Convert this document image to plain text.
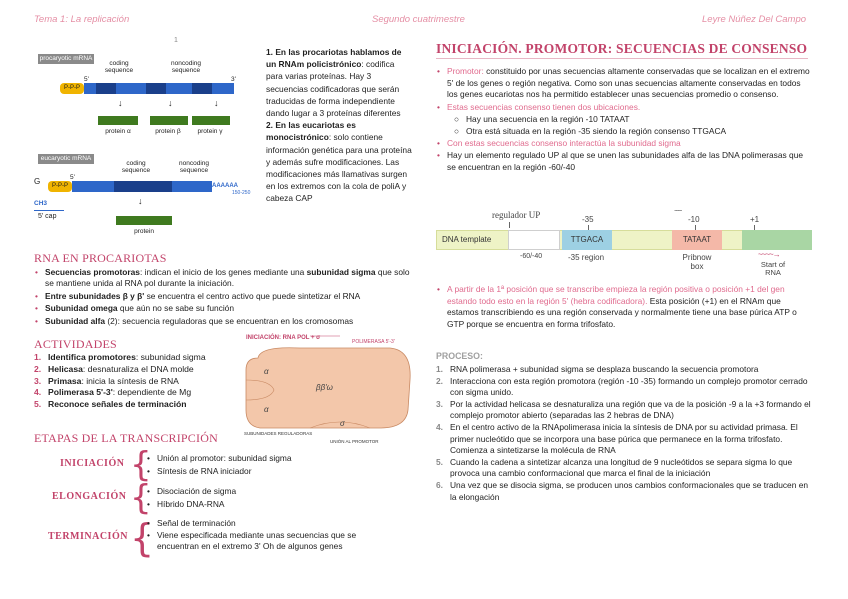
Tema 1: La replicación	Segundo cuatrimestre	Leyre Núñez Del Campo
procaryotic mRNA
1
coding sequence
noncoding sequence
5'	3'
P-P-P
↓	↓	↓
protein α	protein β	protein γ
eucaryotic mRNA
coding sequence
noncoding sequence
G	P-P-P
5'
AAAAAA
150-250
CH3
5' cap
↓
protein
1. En las procariotas hablamos de un RNAm policistrónico: codifica para varias proteínas. Hay 3 secuencias codificadoras que serán traducidas de forma independiente dando lugar a 3 proteínas diferentes
2. En las eucariotas es monocistrónico: solo contiene información genética para una proteína y además sufre modificaciones. Las modificaciones más llamativas surgen en los extremos con la cola de poliA y cabeza CAP
RNA EN PROCARIOTAS
• Secuencias promotoras: indican el inicio de los genes mediante una subunidad sigma que solo se mantiene unida al RNA pol durante la iniciación.
• Entre subunidades β y β' se encuentra el centro activo que puede sintetizar el RNA
• Subunidad omega que aún no se sabe su función
• Subunidad alfa (2): secuencia reguladoras que se encuentran en los cromosomas
ACTIVIDADES
1. Identifica promotores: subunidad sigma
2. Helicasa: desnaturaliza el DNA molde
3. Primasa: inicia la síntesis de RNA
4. Polimerasa 5'-3': dependiente de Mg
5. Reconoce señales de terminación
INICIACIÓN: RNA POL + σ
POLIMERASA 5'-3'
α
α
ββ'ω
σ
SUBUNIDADES REGULADORAS
UNIÓN AL PROMOTOR
ETAPAS DE LA TRANSCRIPCIÓN
INICIACIÓN { • Unión al promotor: subunidad sigma
• Síntesis de RNA iniciador
ELONGACIÓN { • Disociación de sigma
• Híbrido DNA-RNA
TERMINACIÓN { • Señal de terminación
• Viene especificada mediante unas secuencias que se encuentran en el extremo 3' Oh de algunos genes
INICIACIÓN. PROMOTOR: SECUENCIAS DE CONSENSO
• Promotor: constituido por unas secuencias altamente conservadas que se localizan en el extremo 5' de los genes o región negativa. Como son unas secuencias altamente conservadas en todos los genes eucariotas nos ha permitido establecer unas secuencias promedio o consenso.
• Estas secuencias consenso tienen dos ubicaciones.
○ Hay una secuencia en la región -10 TATAAT
○ Otra está situada en la región -35 siendo la región consenso TTGACA
• Con estas secuencias consenso interactúa la subunidad sigma
• Hay un elemento regulado UP al que se unen las subunidades alfa de las DNA polimerasas que se encuentran en la región -60/-40
regulador UP
........
-35	-10	+1
DNA template	TTGACA	TATAAT
-60/-40	-35 region	Pribnow box
~~~~→
Start of RNA
• A partir de la 1ª posición que se transcribe empieza la región positiva o posición +1 del gen estando todo esto en la región 5' (hebra codificadora). Esta posición (+1) en el RNAm que estamos transcribiendo es una región conservada y normalmente tiene una base púrica ATP o GTP porque se encuentra en forma trifosfato.
PROCESO:
1. RNA polimerasa + subunidad sigma se desplaza buscando la secuencia promotora
2. Interacciona con esta región promotora (región -10 -35) formando un complejo promotor cerrado con sigma unido.
3. Por la actividad helicasa se desnaturaliza una región que va de la posición -9 a la +3 formando el complejo promotor abierto (separadas las 2 hebras de DNA)
4. En el centro activo de la RNApolimerasa inicia la síntesis de DNA por su actividad primasa. El primer nucleótido que se incorpora una base púrica que permanece en la forma trifosfato. Comienza a sintetizarse la molécula de RNA
5. Cuando la cadena a sintetizar alcanza una longitud de 9 nucleótidos se separa sigma lo que provoca una cambio conformacional que marca el final de la iniciación
6. Una vez que se disocia sigma, se producen unos cambios conformacionales que se traducen en la elongación
